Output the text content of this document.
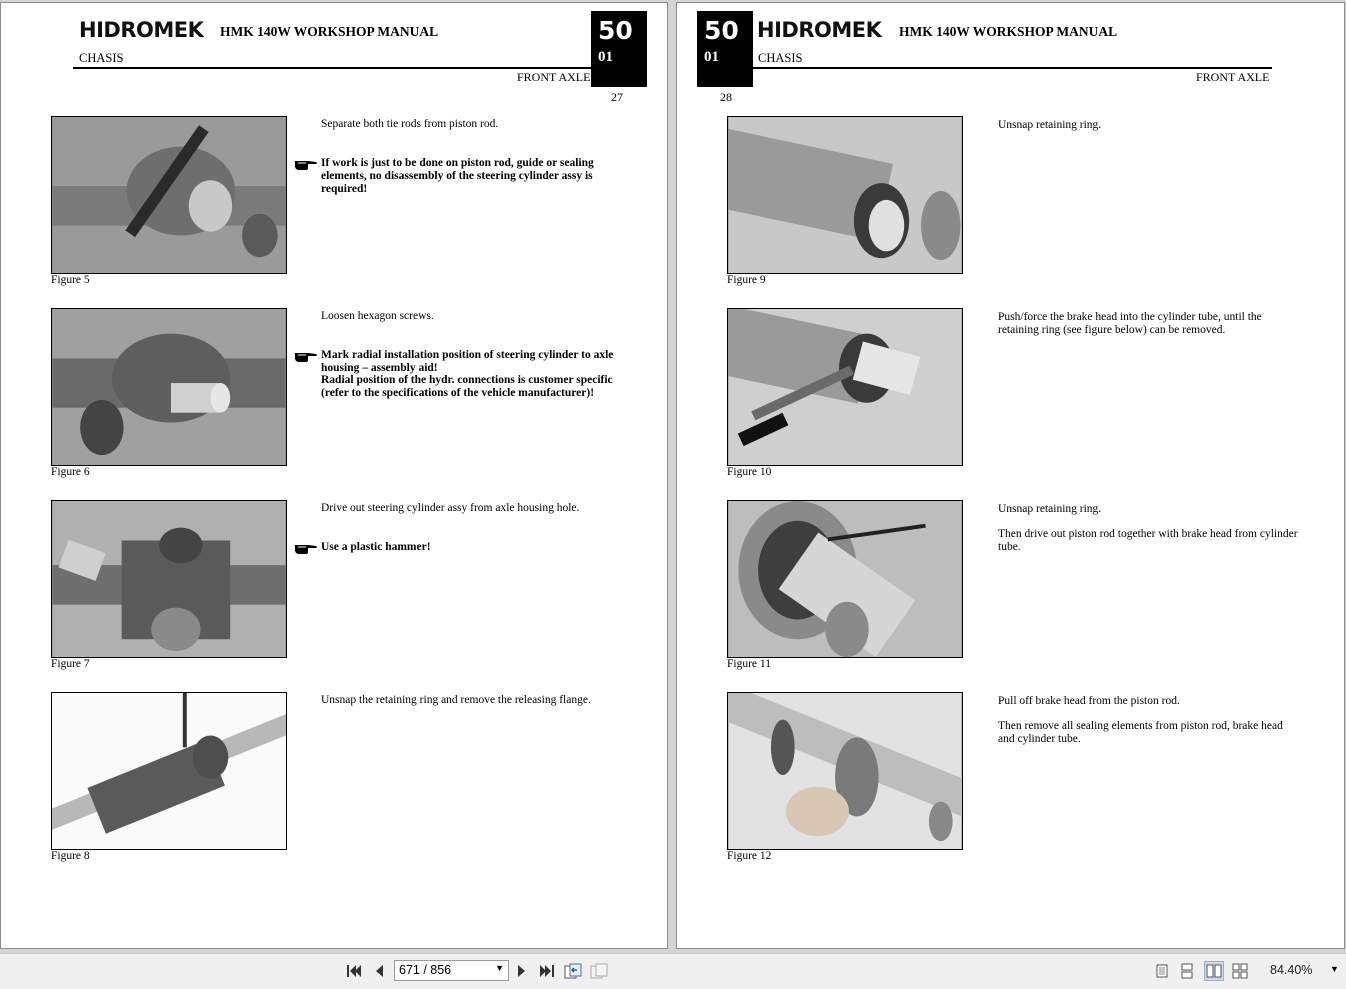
HIDROMEK HMK 140W WORKSHOP MANUAL
CHASIS
FRONT AXLE
50
01
27
Figure 5
Separate both tie rods from piston rod.
If work is just to be done on piston rod, guide or sealing elements, no disassembly of the steering cylinder assy is required!
Figure 6
Loosen hexagon screws.
Mark radial installation position of steering cylinder to axle housing – assembly aid!
Radial position of the hydr. connections is customer specific (refer to the specifications of the vehicle manufacturer)!
Figure 7
Drive out steering cylinder assy from axle housing hole.
Use a plastic hammer!
Figure 8
Unsnap the retaining ring and remove the releasing flange.
50
01
HIDROMEK HMK 140W WORKSHOP MANUAL
CHASIS
FRONT AXLE
28
Figure 9
Unsnap retaining ring.
Figure 10
Push/force the brake head into the cylinder tube, until the retaining ring (see figure below) can be removed.
Figure 11
Unsnap retaining ring.
Then drive out piston rod together with brake head from cylinder tube.
Figure 12
Pull off brake head from the piston rod.
Then remove all sealing elements from piston rod, brake head and cylinder tube.
671 / 856	▼	84.40% ▼
